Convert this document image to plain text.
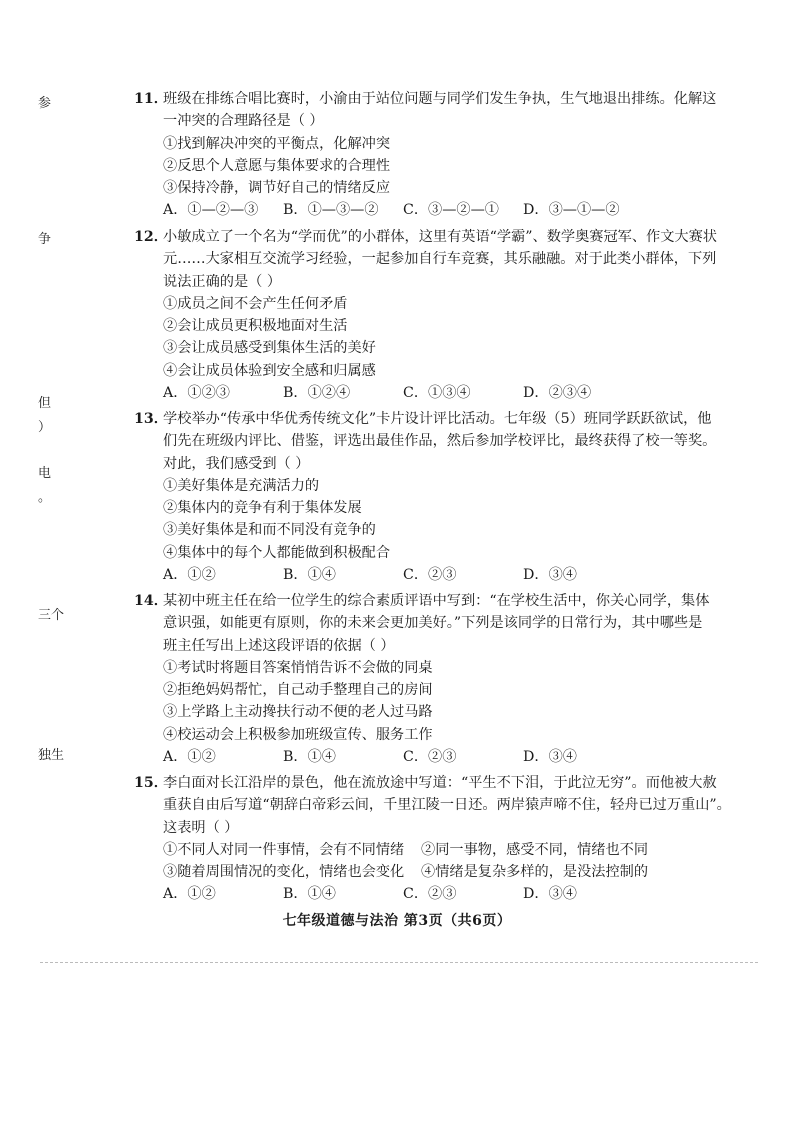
参
争
但
）
电
。
三个
独生
11．
班级在排练合唱比赛时，小渝由于站位问题与同学们发生争执，生气地退出排练。化解这
一冲突的合理路径是（ ）
①找到解决冲突的平衡点，化解冲突
②反思个人意愿与集体要求的合理性
③保持冷静，调节好自己的情绪反应
A．①—②—③	B．①—③—②	C．③—②—①	D．③—①—②
12．
小敏成立了一个名为“学而优”的小群体，这里有英语“学霸”、数学奥赛冠军、作文大赛状
元……大家相互交流学习经验，一起参加自行车竞赛，其乐融融。对于此类小群体，下列
说法正确的是（ ）
①成员之间不会产生任何矛盾
②会让成员更积极地面对生活
③会让成员感受到集体生活的美好
④会让成员体验到安全感和归属感
A．①②③	B．①②④	C．①③④	D．②③④
13．
学校举办“传承中华优秀传统文化”卡片设计评比活动。七年级（5）班同学跃跃欲试，他
们先在班级内评比、借鉴，评选出最佳作品，然后参加学校评比，最终获得了校一等奖。
对此，我们感受到（ ）
①美好集体是充满活力的
②集体内的竞争有利于集体发展
③美好集体是和而不同没有竞争的
④集体中的每个人都能做到积极配合
A．①②	B．①④	C．②③	D．③④
14．
某初中班主任在给一位学生的综合素质评语中写到：“在学校生活中，你关心同学，集体
意识强，如能更有原则，你的未来会更加美好。”下列是该同学的日常行为，其中哪些是
班主任写出上述这段评语的依据（ ）
①考试时将题目答案悄悄告诉不会做的同桌
②拒绝妈妈帮忙，自己动手整理自己的房间
③上学路上主动搀扶行动不便的老人过马路
④校运动会上积极参加班级宣传、服务工作
A．①②	B．①④	C．②③	D．③④
15．
李白面对长江沿岸的景色，他在流放途中写道：“平生不下泪，于此泣无穷”。而他被大赦
重获自由后写道“朝辞白帝彩云间，千里江陵一日还。两岸猿声啼不住，轻舟已过万重山”。
这表明（ ）
①不同人对同一件事情，会有不同情绪	②同一事物，感受不同，情绪也不同
③随着周围情况的变化，情绪也会变化	④情绪是复杂多样的，是没法控制的
A．①②	B．①④	C．②③	D．③④
七年级道德与法治 第3页（共6页）
